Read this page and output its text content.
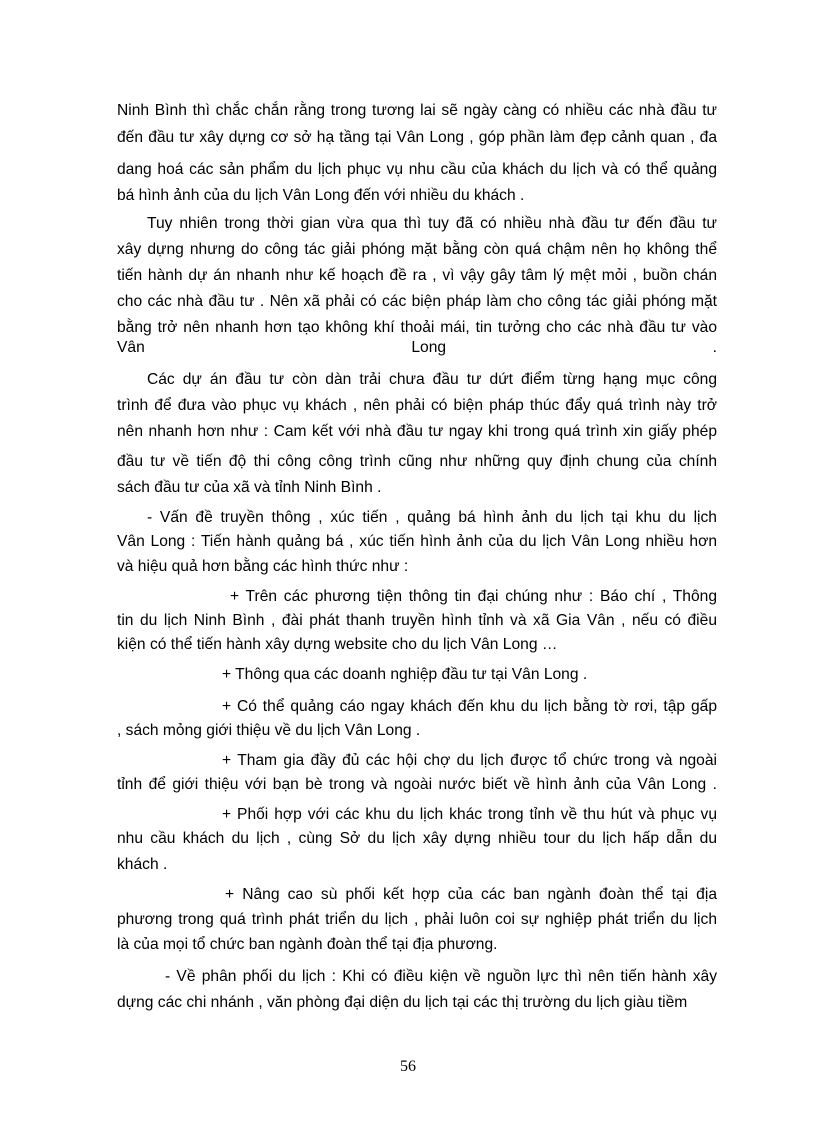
Ninh Bình thì chắc chắn rằng trong tương lai sẽ ngày càng có nhiều các nhà đầu tư
đến đầu tư xây dựng cơ sở hạ tầng tại Vân Long , góp phần làm đẹp cảnh quan , đa
dang hoá các sản phẩm du lịch phục vụ nhu cầu của khách du lịch và có thể quảng
bá hình ảnh của du lịch Vân Long đến với nhiều du khách .
Tuy nhiên trong thời gian vừa qua thì tuy đã có nhiều nhà đầu tư đến đầu tư
xây dựng nhưng do công tác giải phóng mặt bằng còn quá chậm nên họ không thể
tiến hành dự án nhanh như kế hoạch đề ra , vì vậy gây tâm lý mệt mỏi , buồn chán
cho các nhà đầu tư . Nên xã phải có các biện pháp làm cho công tác giải phóng mặt
bằng trở nên nhanh hơn tạo không khí thoải mái, tin tưởng cho các nhà đầu tư vào
Vân Long .
Các dự án đầu tư còn dàn trải chưa đầu tư dứt điểm từng hạng mục công
trình để đưa vào phục vụ khách , nên phải có biện pháp thúc đẩy quá trình này trở
nên nhanh hơn như : Cam kết với nhà đầu tư ngay khi trong quá trình xin giấy phép
đầu tư về tiến độ thi công công trình cũng như những quy định chung của chính
sách đầu tư của xã và tỉnh Ninh Bình .
- Vấn đề truyền thông , xúc tiến , quảng bá hình ảnh du lịch tại khu du lịch
Vân Long : Tiến hành quảng bá , xúc tiến hình ảnh của du lịch Vân Long nhiều hơn
và hiệu quả hơn bằng các hình thức như :
+ Trên các phương tiện thông tin đại chúng như : Báo chí , Thông
tin du lịch Ninh Bình , đài phát thanh truyền hình tỉnh và xã Gia Vân , nếu có điều
kiện có thể tiến hành xây dựng website cho du lịch Vân Long …
+ Thông qua các doanh nghiệp đầu tư tại Vân Long .
+ Có thể quảng cáo ngay khách đến khu du lịch bằng tờ rơi, tập gấp
, sách mỏng giới thiệu về du lịch Vân Long .
+ Tham gia đầy đủ các hội chợ du lịch được tổ chức trong và ngoài
tỉnh để giới thiệu với bạn bè trong và ngoài nước biết về hình ảnh của Vân Long .
+ Phối hợp với các khu du lịch khác trong tỉnh về thu hút và phục vụ
nhu cầu khách du lịch , cùng Sở du lịch xây dựng nhiều tour du lịch hấp dẫn du
khách .
+ Nâng cao sù phối kết hợp của các ban ngành đoàn thể tại địa
phương trong quá trình phát triển du lịch , phải luôn coi sự nghiệp phát triển du lịch
là của mọi tổ chức ban ngành đoàn thể tại địa phương.
- Về phân phối du lịch : Khi có điều kiện về nguồn lực thì nên tiến hành xây
dựng các chi nhánh , văn phòng đại diện du lịch tại các thị trường du lịch giàu tiềm
56
